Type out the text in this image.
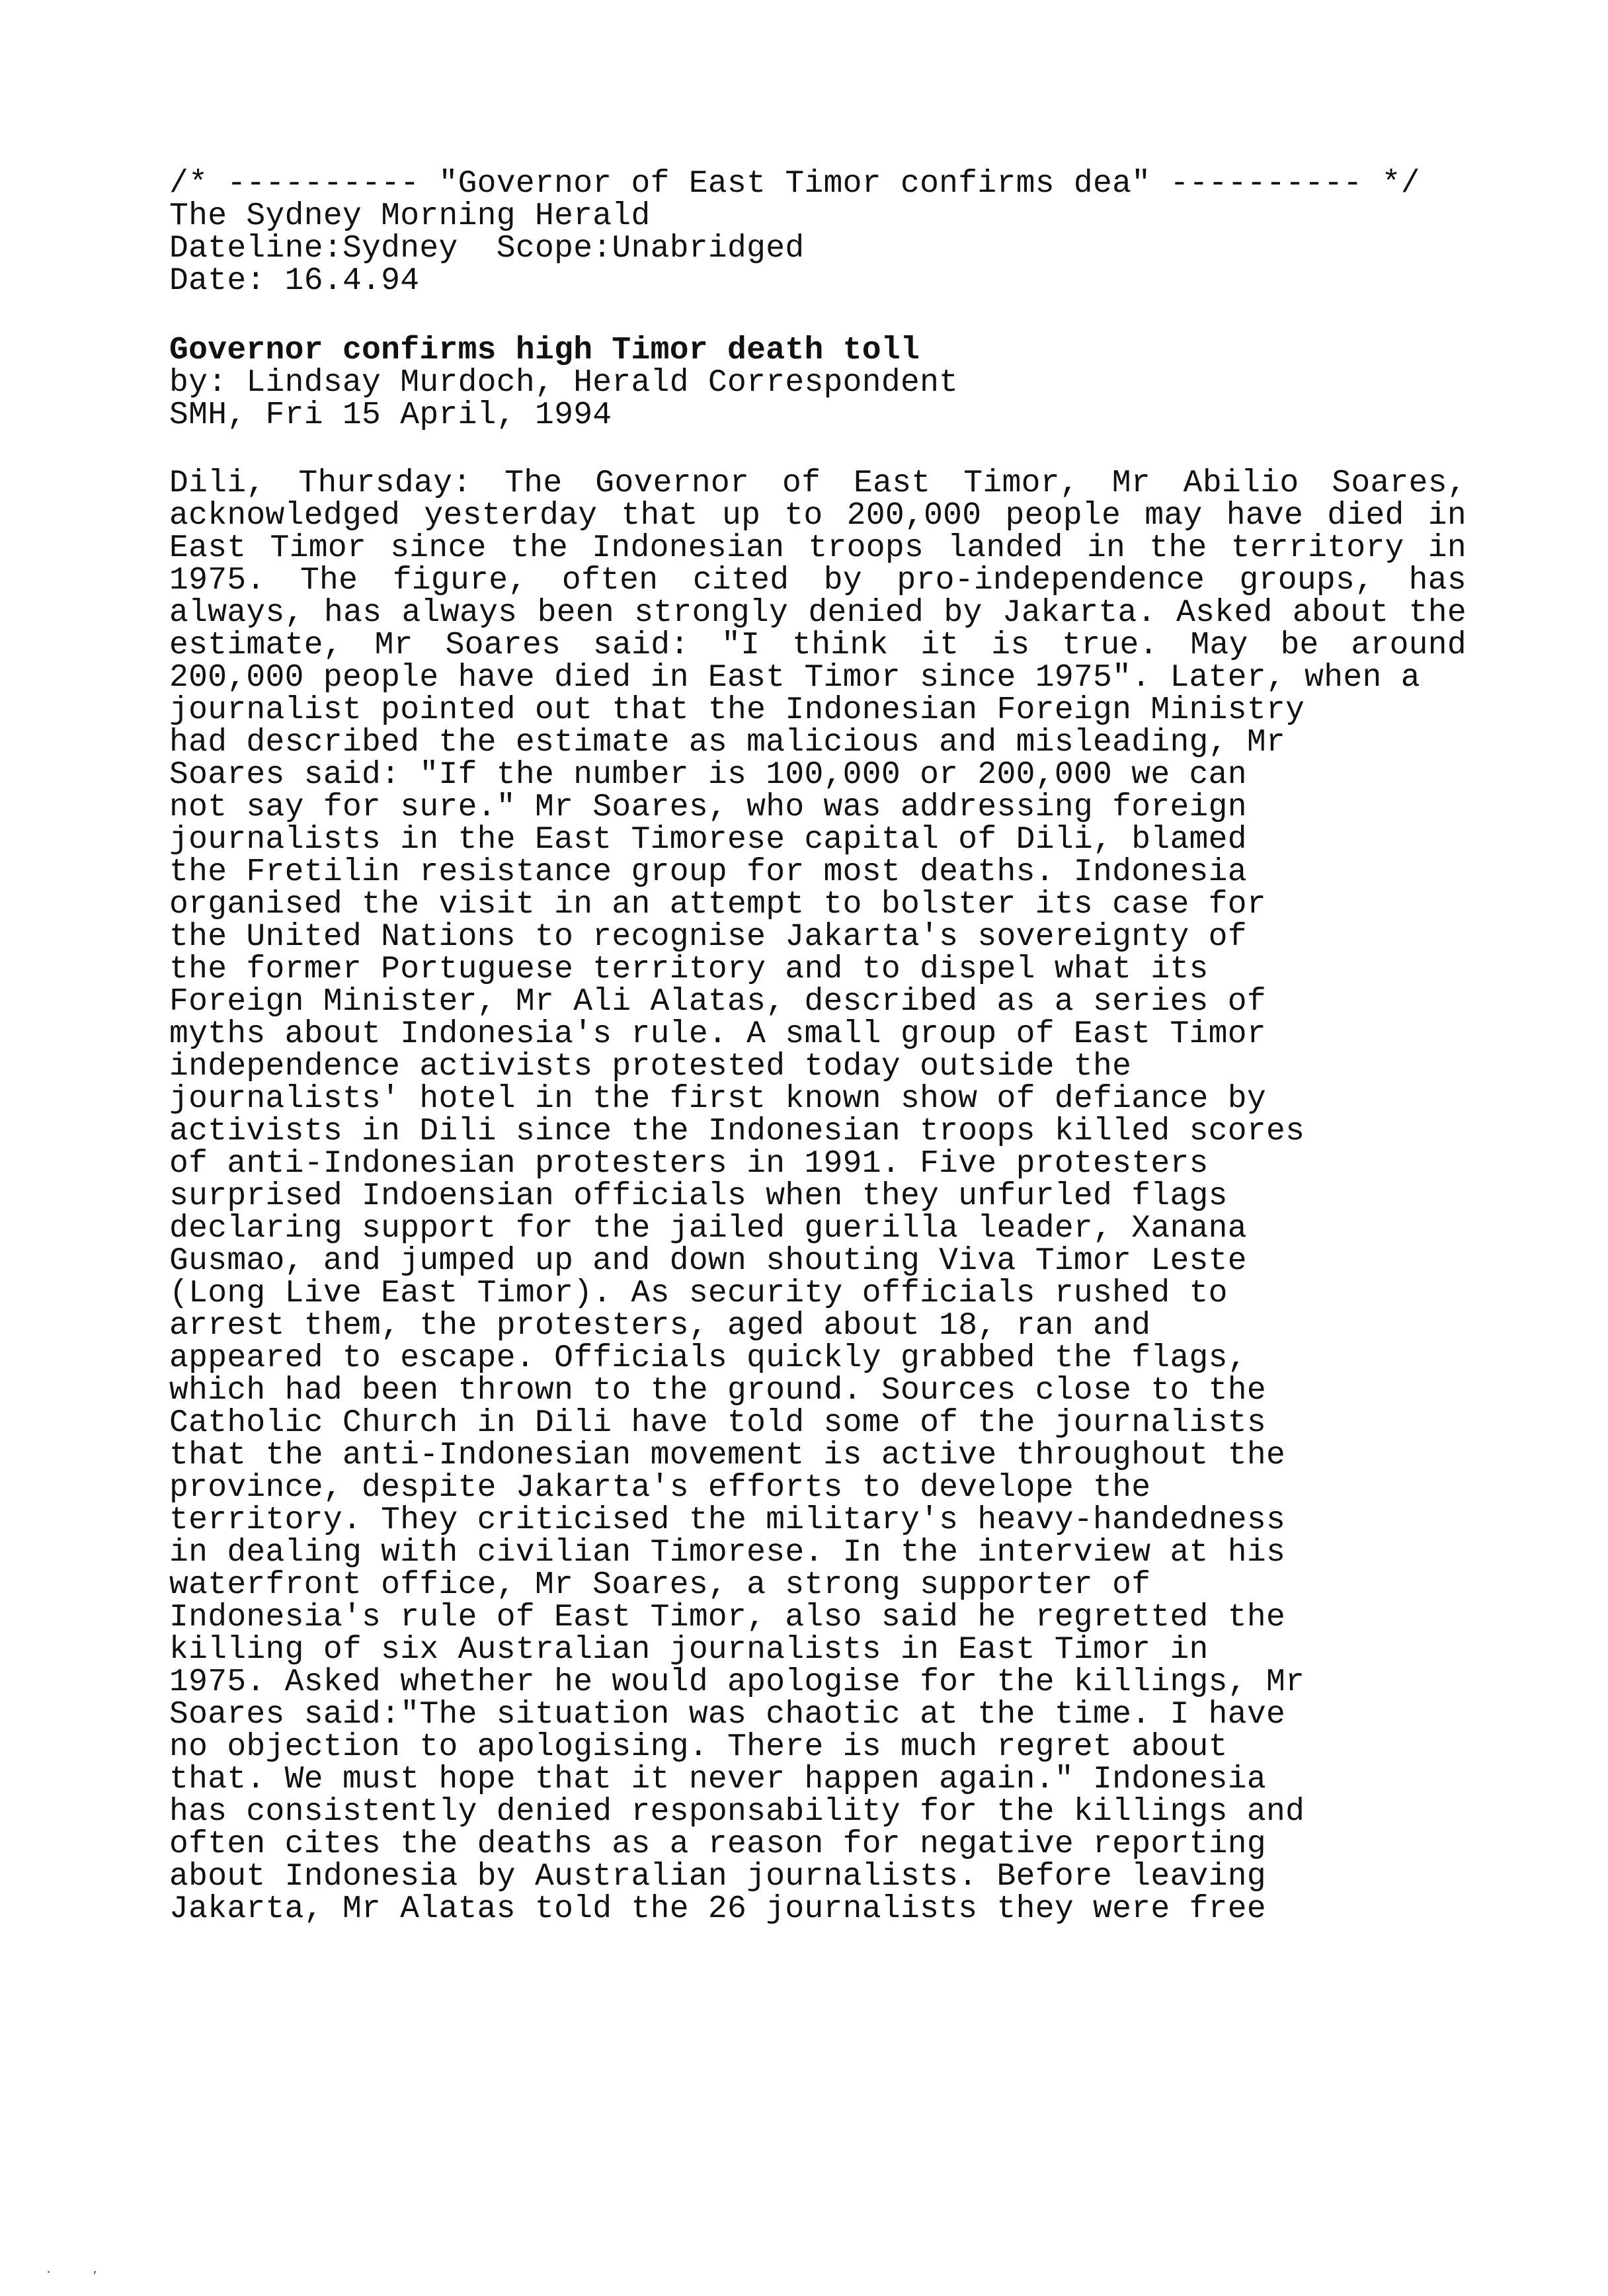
/* ---------- "Governor of East Timor confirms dea" ---------- */
The Sydney Morning Herald
Dateline:Sydney  Scope:Unabridged
Date: 16.4.94
Governor confirms high Timor death toll
by: Lindsay Murdoch, Herald Correspondent
SMH, Fri 15 April, 1994
Dili, Thursday: The Governor of East Timor, Mr Abilio Soares,
acknowledged yesterday that up to 200,000 people may have died in
East Timor since the Indonesian troops landed in the territory in
1975. The figure, often cited by pro-independence groups, has
always, has always been strongly denied by Jakarta. Asked about the
estimate, Mr Soares said: "I think it is true. May be around
200,000 people have died in East Timor since 1975". Later, when a
journalist pointed out that the Indonesian Foreign Ministry
had described the estimate as malicious and misleading, Mr
Soares said: "If the number is 100,000 or 200,000 we can
not say for sure." Mr Soares, who was addressing foreign
journalists in the East Timorese capital of Dili, blamed
the Fretilin resistance group for most deaths. Indonesia
organised the visit in an attempt to bolster its case for
the United Nations to recognise Jakarta's sovereignty of
the former Portuguese territory and to dispel what its
Foreign Minister, Mr Ali Alatas, described as a series of
myths about Indonesia's rule. A small group of East Timor
independence activists protested today outside the
journalists' hotel in the first known show of defiance by
activists in Dili since the Indonesian troops killed scores
of anti-Indonesian protesters in 1991. Five protesters
surprised Indoensian officials when they unfurled flags
declaring support for the jailed guerilla leader, Xanana
Gusmao, and jumped up and down shouting Viva Timor Leste
(Long Live East Timor). As security officials rushed to
arrest them, the protesters, aged about 18, ran and
appeared to escape. Officials quickly grabbed the flags,
which had been thrown to the ground. Sources close to the
Catholic Church in Dili have told some of the journalists
that the anti-Indonesian movement is active throughout the
province, despite Jakarta's efforts to develope the
territory. They criticised the military's heavy-handedness
in dealing with civilian Timorese. In the interview at his
waterfront office, Mr Soares, a strong supporter of
Indonesia's rule of East Timor, also said he regretted the
killing of six Australian journalists in East Timor in
1975. Asked whether he would apologise for the killings, Mr
Soares said:"The situation was chaotic at the time. I have
no objection to apologising. There is much regret about
that. We must hope that it never happen again." Indonesia
has consistently denied responsability for the killings and
often cites the deaths as a reason for negative reporting
about Indonesia by Australian journalists. Before leaving
Jakarta, Mr Alatas told the 26 journalists they were free
. ,
